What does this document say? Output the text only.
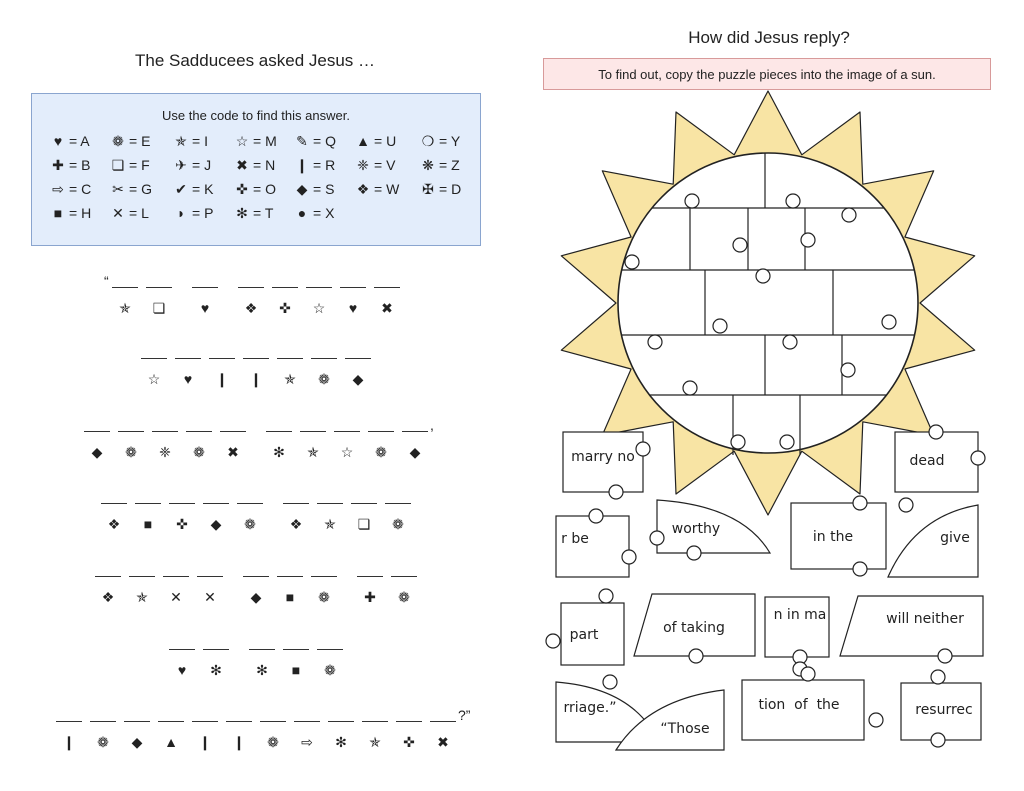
The Sadducees asked Jesus …
Use the code to find this answer.
♥ = A ❁ = E ✯ = I ☆ = M ✎ = Q ▲ = U ❍ = Y
✚ = B ❏ = F ✈ = J ✖ = N ❙ = R ❈ = V ❋ = Z
⇨ = C ✂ = G ✔ = K ✜ = O ◆ = S ❖ = W ✠ = D
■ = H ✕ = L ◗ = P ✻ = T ● = X
“
✯	❏	♥	❖	✜	☆	♥	✖
☆	♥	❙	❙	✯	❁	◆
◆	❁	❈	❁	✖	✻	✯	☆	❁	◆
,
❖	■	✜	◆	❁	❖	✯	❏	❁
❖	✯	✕	✕	◆	■	❁	✚	❁
♥	✻	✻	■	❁
❙	❁	◆	▲	❙	❙	❁	⇨	✻	✯	✜	✖
?”
How did Jesus reply?
To find out, copy the puzzle pieces into the image of a sun.
marry no	dead
r be
worthy	in the	give
part	of taking
n in ma	will neither
rriage.”
“Those
tion  of  the	resurrec
